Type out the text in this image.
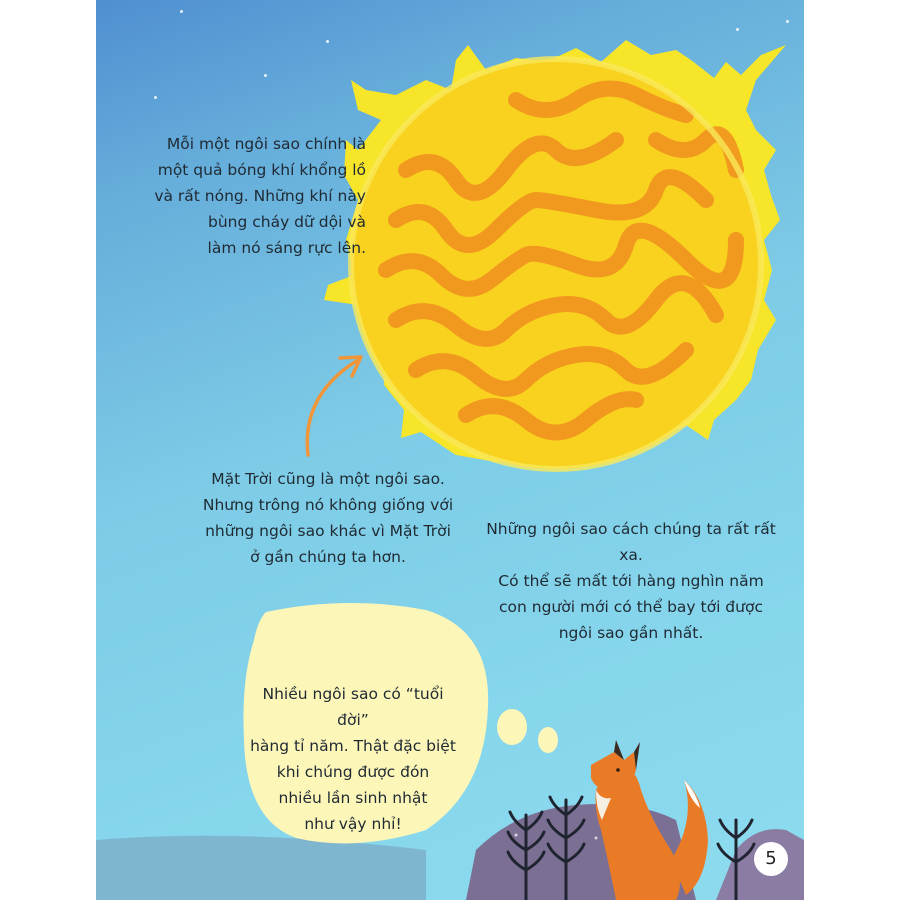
Mỗi một ngôi sao chính là
một quả bóng khí khổng lồ
và rất nóng. Những khí này
bùng cháy dữ dội và
làm nó sáng rực lên.

Mặt Trời cũng là một ngôi sao.
Nhưng trông nó không giống với
những ngôi sao khác vì Mặt Trời
ở gần chúng ta hơn.

Những ngôi sao cách chúng ta rất rất xa.
Có thể sẽ mất tới hàng nghìn năm
con người mới có thể bay tới được
ngôi sao gần nhất.

Nhiều ngôi sao có “tuổi đời”
hàng tỉ năm. Thật đặc biệt
khi chúng được đón
nhiều lần sinh nhật
như vậy nhỉ!

5
